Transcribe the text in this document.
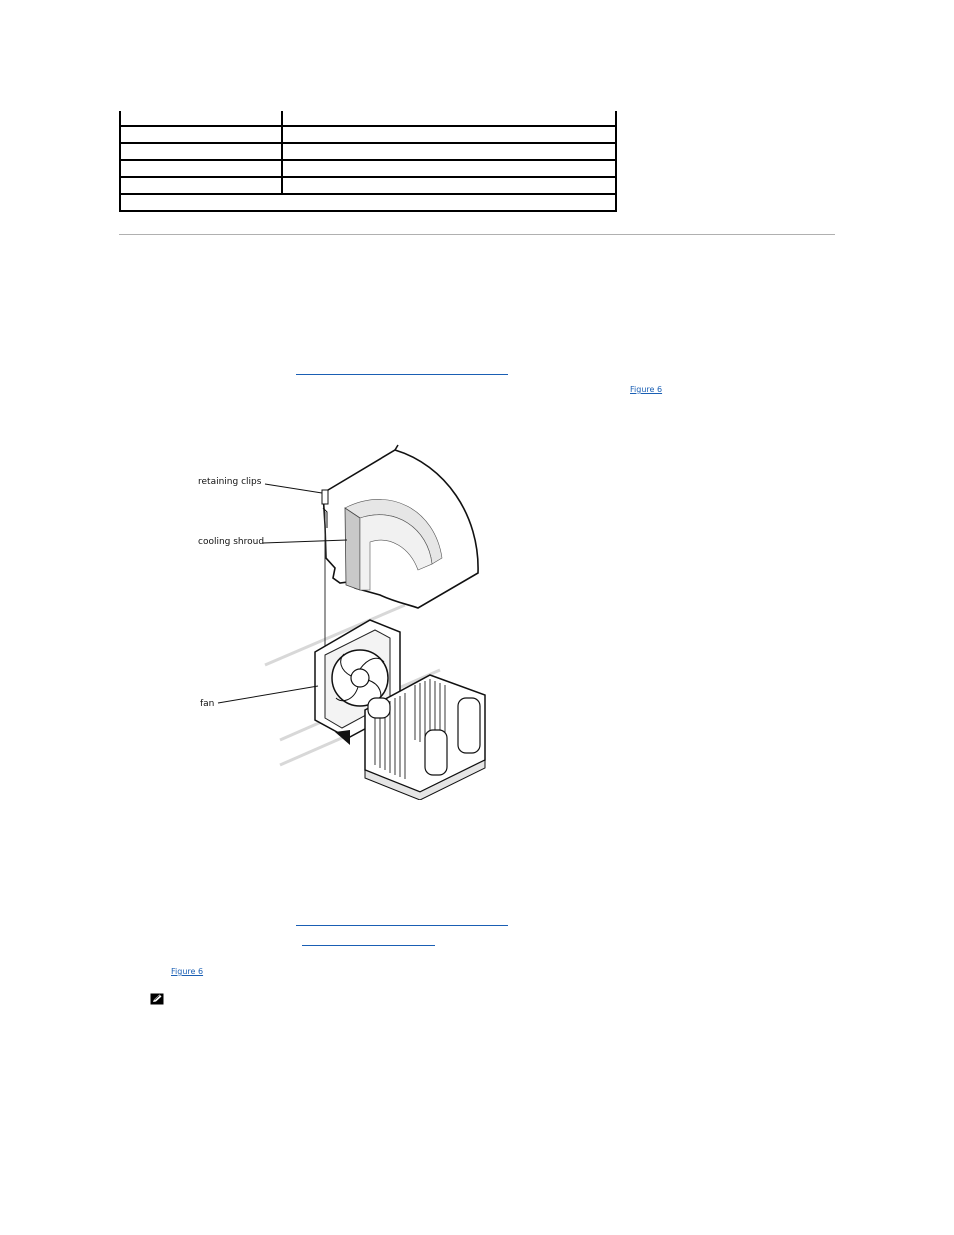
Figure 6
Figure 6
retaining clips
cooling shroud
fan
